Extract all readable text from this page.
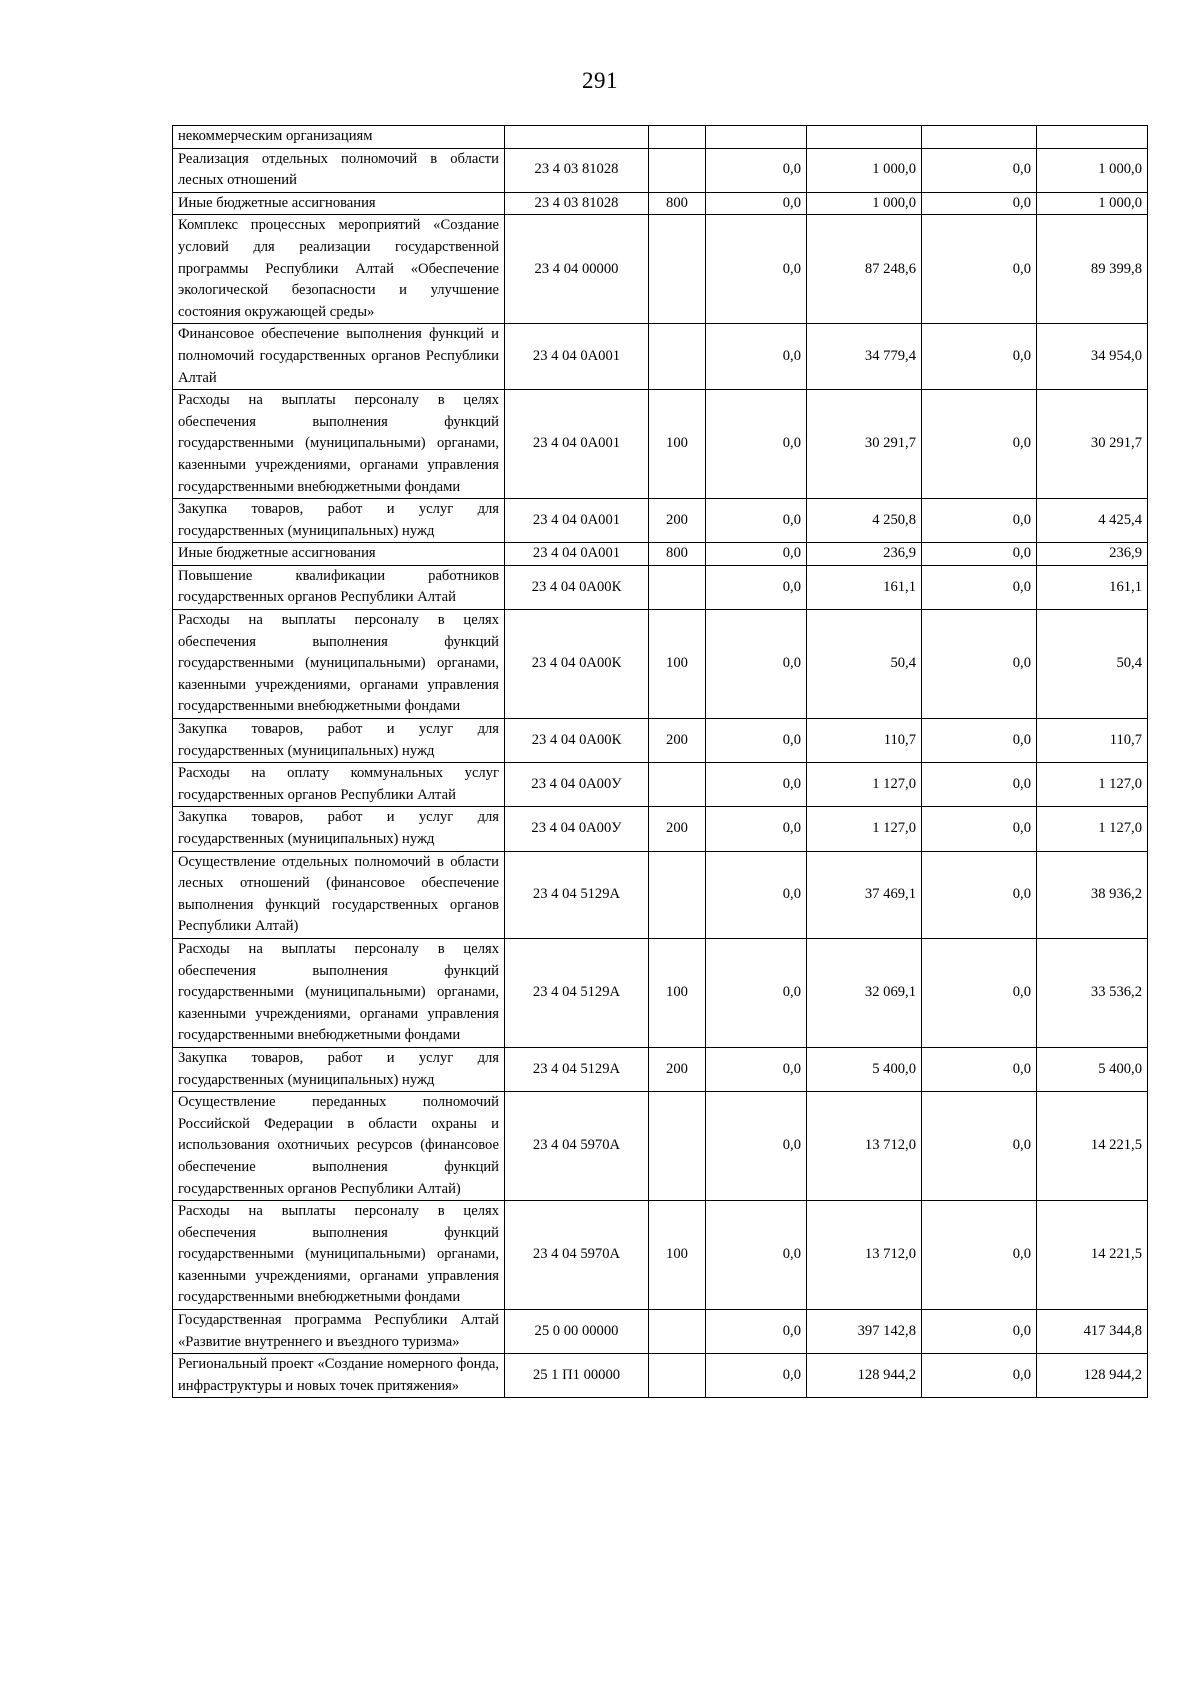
291
некоммерческим организациям						
Реализация отдельных полномочий в области лесных отношений	23 4 03 81028		0,0	1 000,0	0,0	1 000,0
Иные бюджетные ассигнования	23 4 03 81028	800	0,0	1 000,0	0,0	1 000,0
Комплекс процессных мероприятий «Создание условий для реализации государственной программы Республики Алтай «Обеспечение экологической безопасности и улучшение состояния окружающей среды»	23 4 04 00000		0,0	87 248,6	0,0	89 399,8
Финансовое обеспечение выполнения функций и полномочий государственных органов Республики Алтай	23 4 04 0А001		0,0	34 779,4	0,0	34 954,0
Расходы на выплаты персоналу в целях обеспечения выполнения функций государственными (муниципальными) органами, казенными учреждениями, органами управления государственными внебюджетными фондами	23 4 04 0А001	100	0,0	30 291,7	0,0	30 291,7
Закупка товаров, работ и услуг для государственных (муниципальных) нужд	23 4 04 0А001	200	0,0	4 250,8	0,0	4 425,4
Иные бюджетные ассигнования	23 4 04 0А001	800	0,0	236,9	0,0	236,9
Повышение квалификации работников государственных органов Республики Алтай	23 4 04 0А00К		0,0	161,1	0,0	161,1
Расходы на выплаты персоналу в целях обеспечения выполнения функций государственными (муниципальными) органами, казенными учреждениями, органами управления государственными внебюджетными фондами	23 4 04 0А00К	100	0,0	50,4	0,0	50,4
Закупка товаров, работ и услуг для государственных (муниципальных) нужд	23 4 04 0А00К	200	0,0	110,7	0,0	110,7
Расходы на оплату коммунальных услуг государственных органов Республики Алтай	23 4 04 0А00У		0,0	1 127,0	0,0	1 127,0
Закупка товаров, работ и услуг для государственных (муниципальных) нужд	23 4 04 0А00У	200	0,0	1 127,0	0,0	1 127,0
Осуществление отдельных полномочий в области лесных отношений (финансовое обеспечение выполнения функций государственных органов Республики Алтай)	23 4 04 5129А		0,0	37 469,1	0,0	38 936,2
Расходы на выплаты персоналу в целях обеспечения выполнения функций государственными (муниципальными) органами, казенными учреждениями, органами управления государственными внебюджетными фондами	23 4 04 5129А	100	0,0	32 069,1	0,0	33 536,2
Закупка товаров, работ и услуг для государственных (муниципальных) нужд	23 4 04 5129А	200	0,0	5 400,0	0,0	5 400,0
Осуществление переданных полномочий Российской Федерации в области охраны и использования охотничьих ресурсов (финансовое обеспечение выполнения функций государственных органов Республики Алтай)	23 4 04 5970А		0,0	13 712,0	0,0	14 221,5
Расходы на выплаты персоналу в целях обеспечения выполнения функций государственными (муниципальными) органами, казенными учреждениями, органами управления государственными внебюджетными фондами	23 4 04 5970А	100	0,0	13 712,0	0,0	14 221,5
Государственная программа Республики Алтай «Развитие внутреннего и въездного туризма»	25 0 00 00000		0,0	397 142,8	0,0	417 344,8
Региональный проект «Создание номерного фонда, инфраструктуры и новых точек притяжения»	25 1 П1 00000		0,0	128 944,2	0,0	128 944,2
